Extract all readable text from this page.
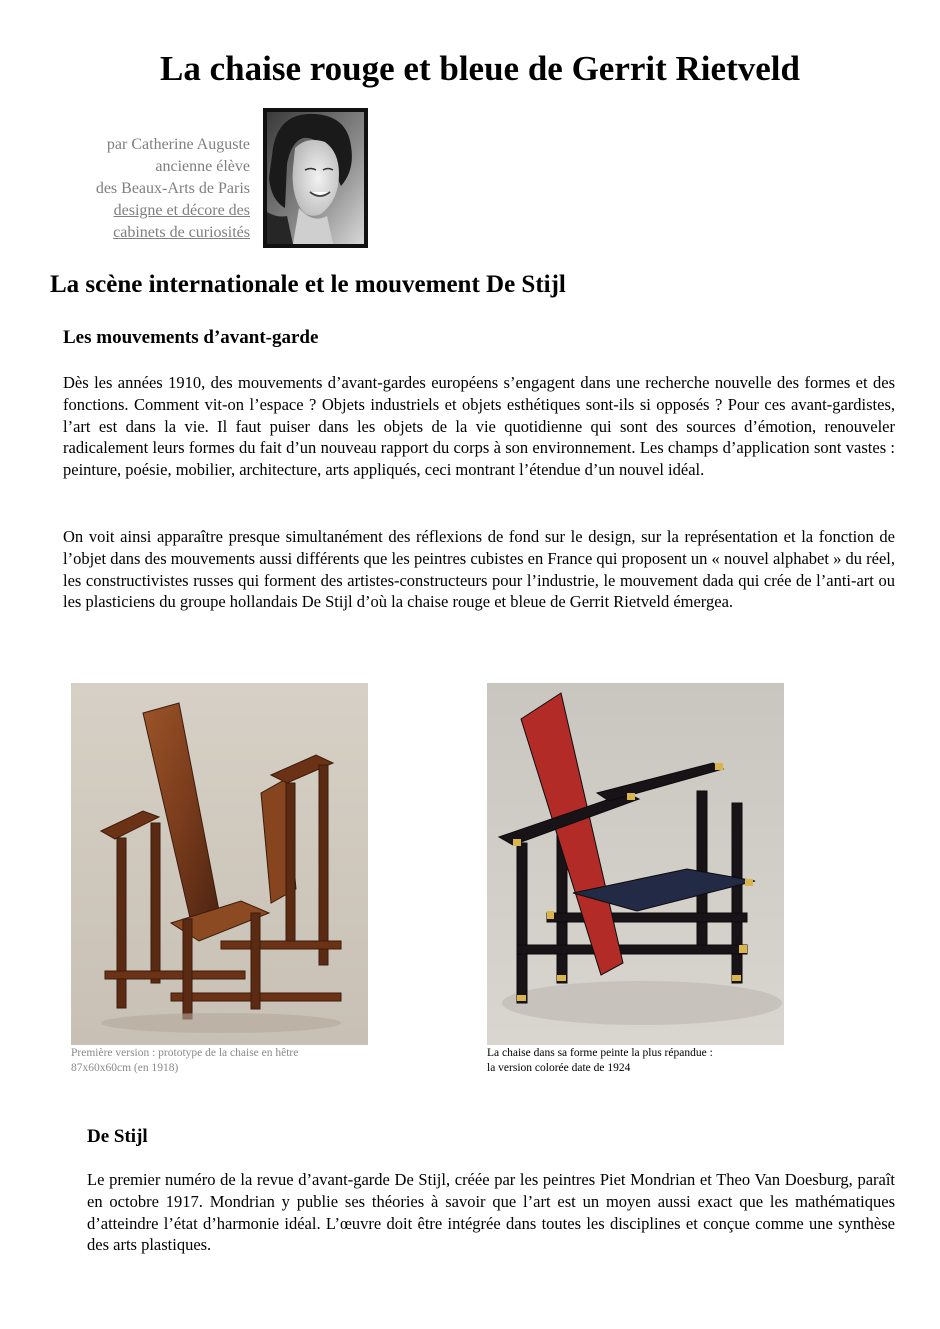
La chaise rouge et bleue de Gerrit Rietveld
par Catherine Auguste
ancienne élève
des Beaux-Arts de Paris
designe et décore des
cabinets de curiosités
La scène internationale et le mouvement De Stijl
Les mouvements d’avant-garde

Dès les années 1910, des mouvements d’avant-gardes européens s’engagent dans une recherche nouvelle des formes et des fonctions. Comment vit-on l’espace ? Objets industriels et objets esthétiques sont-ils si opposés ? Pour ces avant-gardistes, l’art est dans la vie. Il faut puiser dans les objets de la vie quotidienne qui sont des sources d’émotion, renouveler radicalement leurs formes du fait d’un nouveau rapport du corps à son environnement. Les champs d’application sont vastes : peinture, poésie, mobilier, architecture, arts appliqués, ceci montrant l’étendue d’un nouvel idéal.

On voit ainsi apparaître presque simultanément des réflexions de fond sur le design, sur la représentation et la fonction de l’objet dans des mouvements aussi différents que les peintres cubistes en France qui proposent un « nouvel alphabet » du réel, les constructivistes russes qui forment des artistes-constructeurs pour l’industrie, le mouvement dada qui crée de l’anti-art ou les plasticiens du groupe hollandais De Stijl d’où la chaise rouge et bleue de Gerrit Rietveld émergea.

Première version : prototype de la chaise en hêtre
87x60x60cm (en 1918)
La chaise dans sa forme peinte la plus répandue :
la version colorée date de 1924
De Stijl

Le premier numéro de la revue d’avant-garde De Stijl, créée par les peintres Piet Mondrian et Theo Van Doesburg, paraît en octobre 1917. Mondrian y publie ses théories à savoir que l’art est un moyen aussi exact que les mathématiques d’atteindre l’état d’harmonie idéal. L’œuvre doit être intégrée dans toutes les disciplines et conçue comme une synthèse des arts plastiques.
